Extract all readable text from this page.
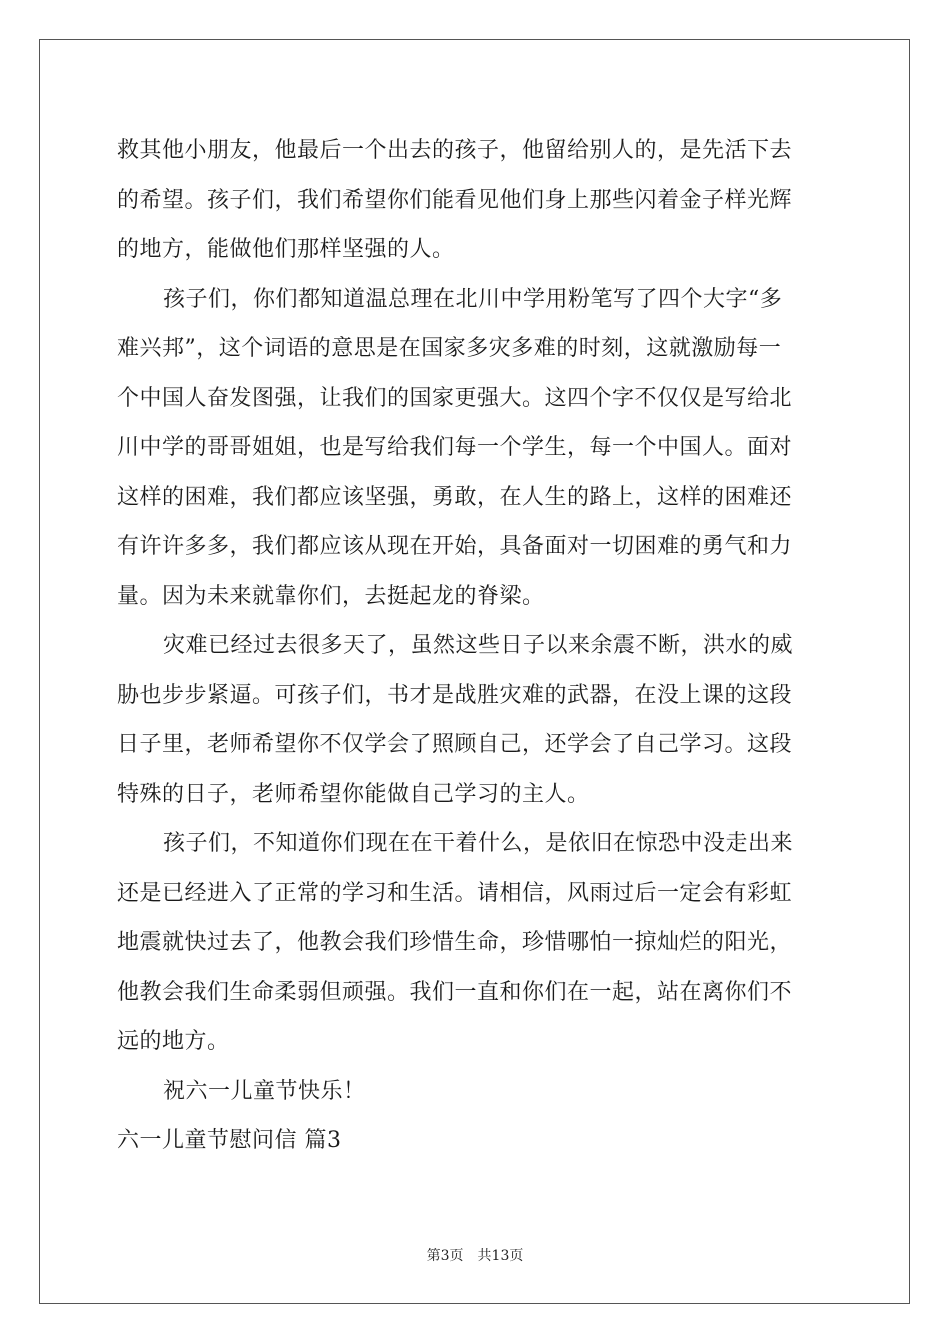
救其他小朋友，他最后一个出去的孩子，他留给别人的，是先活下去
的希望。孩子们，我们希望你们能看见他们身上那些闪着金子样光辉
的地方，能做他们那样坚强的人。
孩子们，你们都知道温总理在北川中学用粉笔写了四个大字“多
难兴邦”，这个词语的意思是在国家多灾多难的时刻，这就激励每一
个中国人奋发图强，让我们的国家更强大。这四个字不仅仅是写给北
川中学的哥哥姐姐，也是写给我们每一个学生，每一个中国人。面对
这样的困难，我们都应该坚强，勇敢，在人生的路上，这样的困难还
有许许多多，我们都应该从现在开始，具备面对一切困难的勇气和力
量。因为未来就靠你们，去挺起龙的脊梁。
灾难已经过去很多天了，虽然这些日子以来余震不断，洪水的威
胁也步步紧逼。可孩子们，书才是战胜灾难的武器，在没上课的这段
日子里，老师希望你不仅学会了照顾自己，还学会了自己学习。这段
特殊的日子，老师希望你能做自己学习的主人。
孩子们，不知道你们现在在干着什么，是依旧在惊恐中没走出来
还是已经进入了正常的学习和生活。请相信，风雨过后一定会有彩虹
地震就快过去了，他教会我们珍惜生命，珍惜哪怕一掠灿烂的阳光，
他教会我们生命柔弱但顽强。我们一直和你们在一起，站在离你们不
远的地方。
祝六一儿童节快乐！
六一儿童节慰问信 篇3
第3页 共13页
